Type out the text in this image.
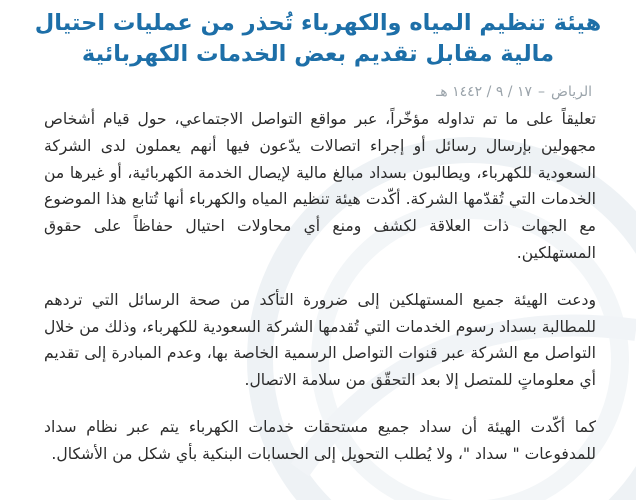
هيئة تنظيم المياه والكهرباء تُحذر من عمليات احتيال مالية مقابل تقديم بعض الخدمات الكهربائية
الرياض–١٧ / ٩ / ١٤٤٢ هـ

تعليقاً على ما تم تداوله مؤخّراً، عبر مواقع التواصل الاجتماعي، حول قيام أشخاص مجهولين بإرسال رسائل أو إجراء اتصالات يدّعون فيها أنهم يعملون لدى الشركة السعودية للكهرباء، ويطالبون بسداد مبالغ مالية لإيصال الخدمة الكهربائية، أو غيرها من الخدمات التي تُقدّمها الشركة. أكّدت هيئة تنظيم المياه والكهرباء أنها تُتابع هذا الموضوع مع الجهات ذات العلاقة لكشف ومنع أي محاولات احتيال حفاظاً على حقوق المستهلكين.

ودعت الهيئة جميع المستهلكين إلى ضرورة التأكد من صحة الرسائل التي تردهم للمطالبة بسداد رسوم الخدمات التي تُقدمها الشركة السعودية للكهرباء، وذلك من خلال التواصل مع الشركة عبر قنوات التواصل الرسمية الخاصة بها، وعدم المبادرة إلى تقديم أي معلوماتٍ للمتصل إلا بعد التحقّق من سلامة الاتصال.

كما أكّدت الهيئة أن سداد جميع مستحقات خدمات الكهرباء يتم عبر نظام سداد للمدفوعات " سداد "، ولا يُطلب التحويل إلى الحسابات البنكية بأي شكل من الأشكال.
